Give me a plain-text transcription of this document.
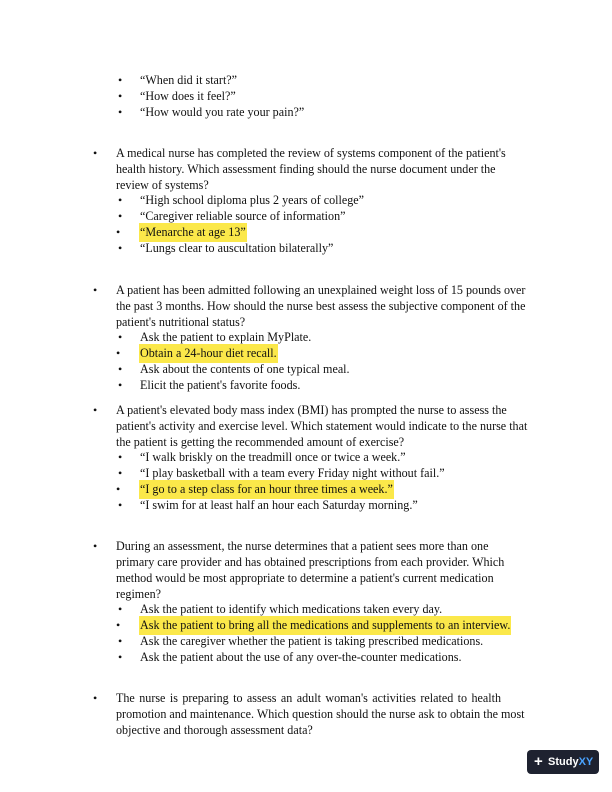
• “When did it start?”
• “How does it feel?”
• “How would you rate your pain?”
• A medical nurse has completed the review of systems component of the patient's
health history. Which assessment finding should the nurse document under the
review of systems?
• “High school diploma plus 2 years of college”
• “Caregiver reliable source of information”
• “Menarche at age 13”
• “Lungs clear to auscultation bilaterally”
• A patient has been admitted following an unexplained weight loss of 15 pounds over
the past 3 months. How should the nurse best assess the subjective component of the
patient's nutritional status?
• Ask the patient to explain MyPlate.
• Obtain a 24-hour diet recall.
• Ask about the contents of one typical meal.
• Elicit the patient's favorite foods.
• A patient's elevated body mass index (BMI) has prompted the nurse to assess the
patient's activity and exercise level. Which statement would indicate to the nurse that
the patient is getting the recommended amount of exercise?
• “I walk briskly on the treadmill once or twice a week.”
• “I play basketball with a team every Friday night without fail.”
• “I go to a step class for an hour three times a week.”
• “I swim for at least half an hour each Saturday morning.”
• During an assessment, the nurse determines that a patient sees more than one
primary care provider and has obtained prescriptions from each provider. Which
method would be most appropriate to determine a patient's current medication
regimen?
• Ask the patient to identify which medications taken every day.
• Ask the patient to bring all the medications and supplements to an interview.
• Ask the caregiver whether the patient is taking prescribed medications.
• Ask the patient about the use of any over-the-counter medications.
• The nurse is preparing to assess an adult woman's activities related to health
promotion and maintenance. Which question should the nurse ask to obtain the most
objective and thorough assessment data?
+ StudyXY
